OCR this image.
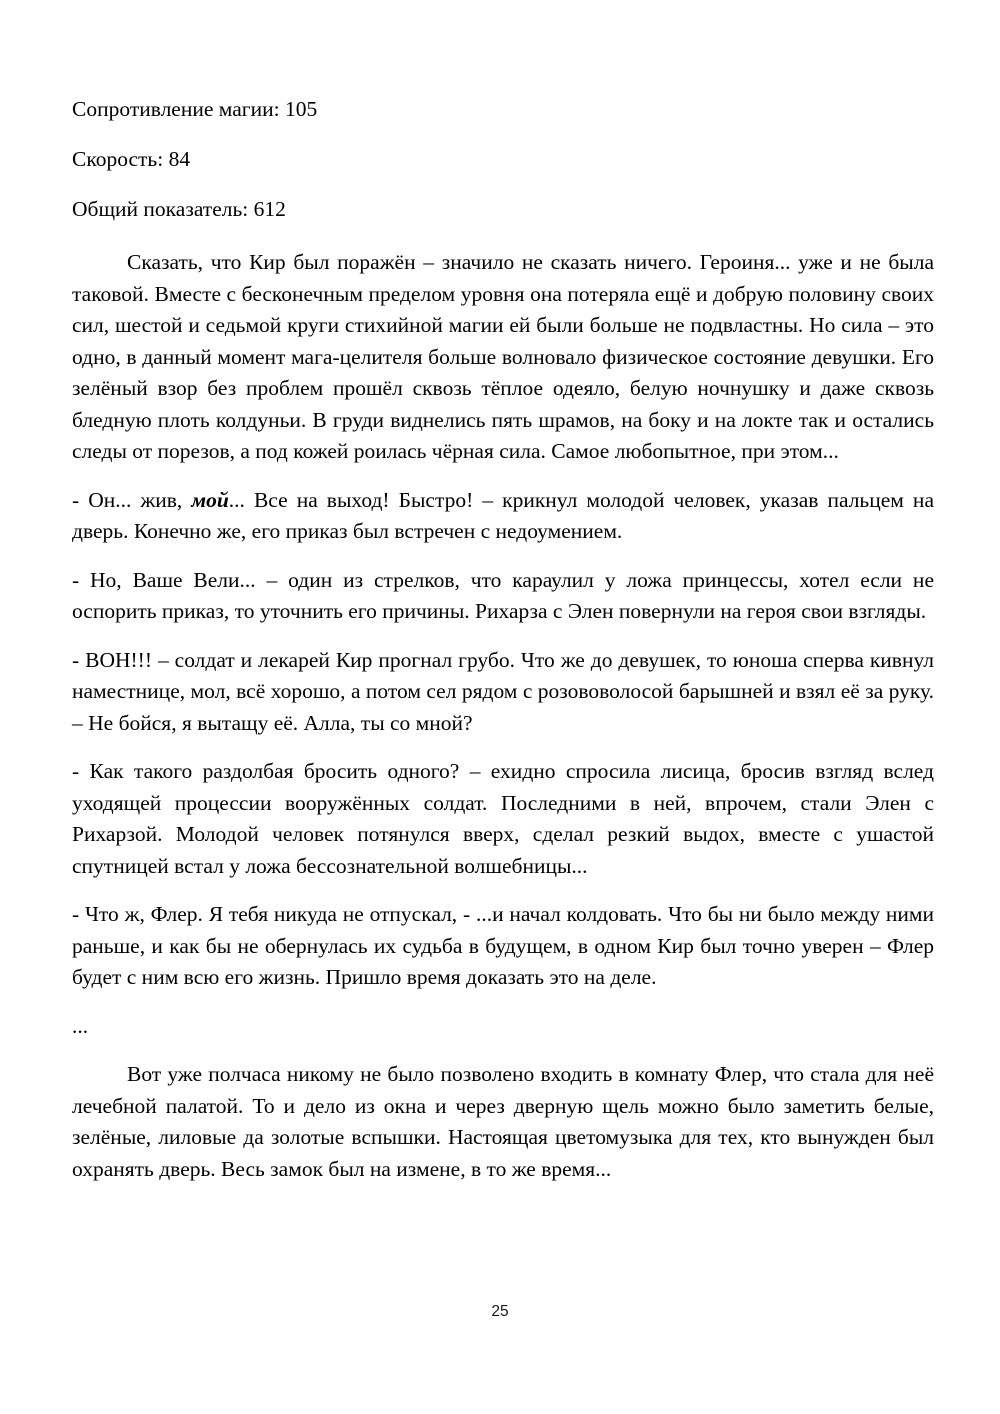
Сопротивление магии: 105

Скорость: 84

Общий показатель: 612

Сказать, что Кир был поражён – значило не сказать ничего. Героиня... уже и не была таковой. Вместе с бесконечным пределом уровня она потеряла ещё и добрую половину своих сил, шестой и седьмой круги стихийной магии ей были больше не подвластны. Но сила – это одно, в данный момент мага-целителя больше волновало физическое состояние девушки. Его зелёный взор без проблем прошёл сквозь тёплое одеяло, белую ночнушку и даже сквозь бледную плоть колдуньи. В груди виднелись пять шрамов, на боку и на локте так и остались следы от порезов, а под кожей роилась чёрная сила. Самое любопытное, при этом...

- Он... жив, мой... Все на выход! Быстро! – крикнул молодой человек, указав пальцем на дверь. Конечно же, его приказ был встречен с недоумением.

- Но, Ваше Вели... – один из стрелков, что караулил у ложа принцессы, хотел если не оспорить приказ, то уточнить его причины. Рихарза с Элен повернули на героя свои взгляды.

- ВОН!!! – солдат и лекарей Кир прогнал грубо. Что же до девушек, то юноша сперва кивнул наместнице, мол, всё хорошо, а потом сел рядом с розововолосой барышней и взял её за руку. – Не бойся, я вытащу её. Алла, ты со мной?

- Как такого раздолбая бросить одного? – ехидно спросила лисица, бросив взгляд вслед уходящей процессии вооружённых солдат. Последними в ней, впрочем, стали Элен с Рихарзой. Молодой человек потянулся вверх, сделал резкий выдох, вместе с ушастой спутницей встал у ложа бессознательной волшебницы...

- Что ж, Флер. Я тебя никуда не отпускал, - ...и начал колдовать. Что бы ни было между ними раньше, и как бы не обернулась их судьба в будущем, в одном Кир был точно уверен – Флер будет с ним всю его жизнь. Пришло время доказать это на деле.

...

Вот уже полчаса никому не было позволено входить в комнату Флер, что стала для неё лечебной палатой. То и дело из окна и через дверную щель можно было заметить белые, зелёные, лиловые да золотые вспышки. Настоящая цветомузыка для тех, кто вынужден был охранять дверь. Весь замок был на измене, в то же время...

25
